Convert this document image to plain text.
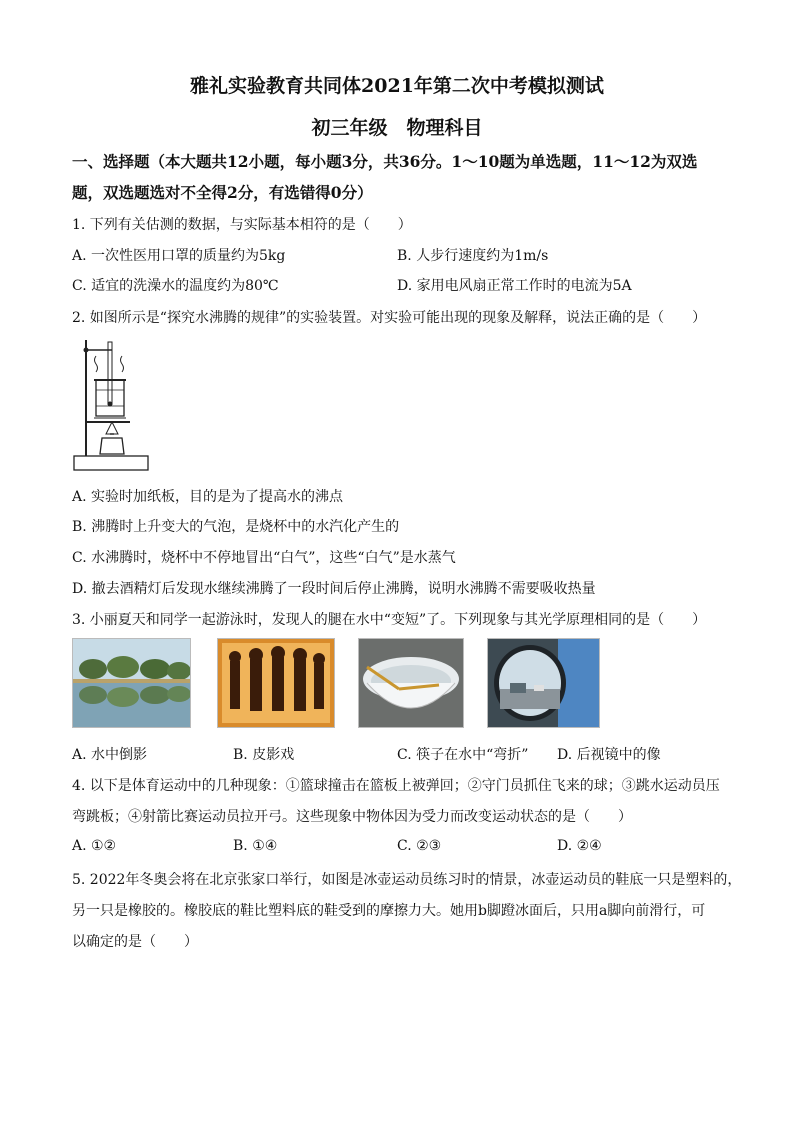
雅礼实验教育共同体2021年第二次中考模拟测试
初三年级　物理科目
一、选择题（本大题共12小题，每小题3分，共36分。1～10题为单选题，11～12为双选
题，双选题选对不全得2分，有选错得0分）
1. 下列有关估测的数据，与实际基本相符的是（　　）
A. 一次性医用口罩的质量约为5kg	B. 人步行速度约为1m/s
C. 适宜的洗澡水的温度约为80℃	D. 家用电风扇正常工作时的电流为5A
2. 如图所示是“探究水沸腾的规律”的实验装置。对实验可能出现的现象及解释，说法正确的是（　　）
A. 实验时加纸板，目的是为了提高水的沸点
B. 沸腾时上升变大的气泡，是烧杯中的水汽化产生的
C. 水沸腾时，烧杯中不停地冒出“白气”，这些“白气”是水蒸气
D. 撤去酒精灯后发现水继续沸腾了一段时间后停止沸腾，说明水沸腾不需要吸收热量
3. 小丽夏天和同学一起游泳时，发现人的腿在水中“变短”了。下列现象与其光学原理相同的是（　　）
A. 水中倒影	B. 皮影戏	C. 筷子在水中“弯折” D. 后视镜中的像
4. 以下是体育运动中的几种现象：①篮球撞击在篮板上被弹回；②守门员抓住飞来的球；③跳水运动员压
弯跳板；④射箭比赛运动员拉开弓。这些现象中物体因为受力而改变运动状态的是（　　）
A. ①②	B. ①④	C. ②③	D. ②④
5. 2022年冬奥会将在北京张家口举行，如图是冰壶运动员练习时的情景，冰壶运动员的鞋底一只是塑料的，
另一只是橡胶的。橡胶底的鞋比塑料底的鞋受到的摩擦力大。她用b脚蹬冰面后，只用a脚向前滑行，可
以确定的是（　　）
